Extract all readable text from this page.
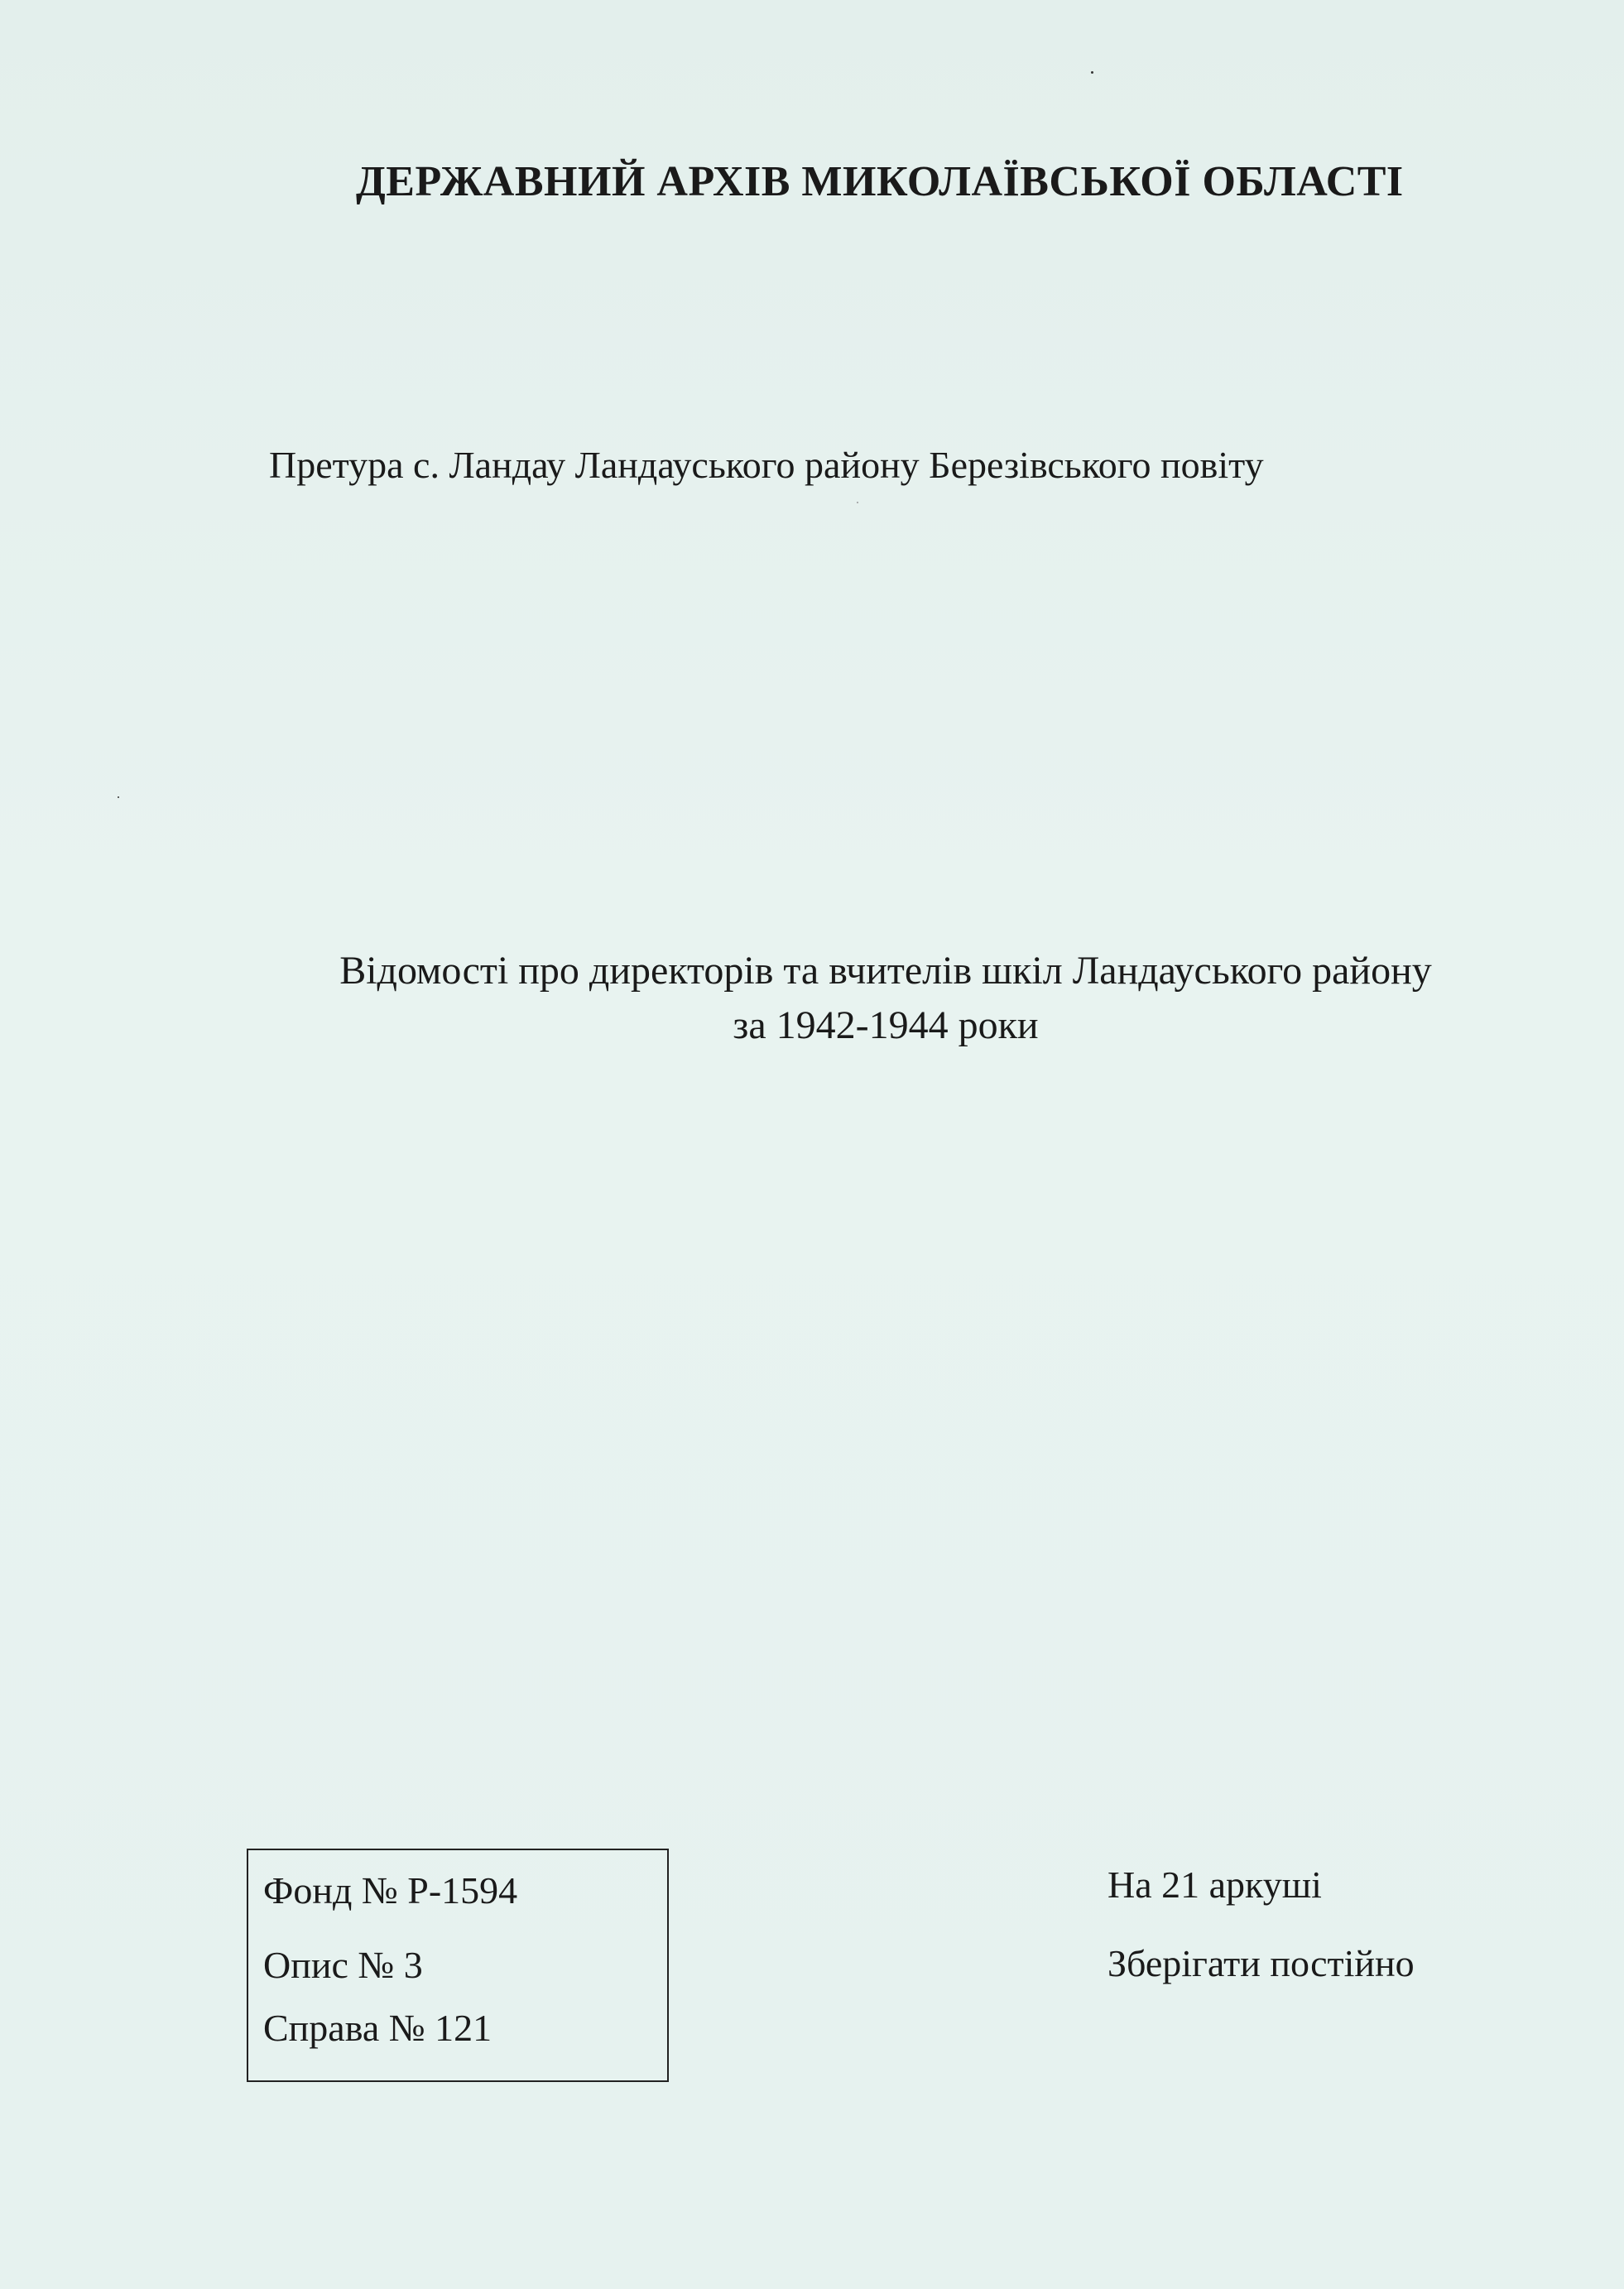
ДЕРЖАВНИЙ АРХІВ МИКОЛАЇВСЬКОЇ ОБЛАСТІ
Претура с. Ландау Ландауського району Березівського повіту
Відомості про директорів та вчителів шкіл Ландауського району
за 1942-1944 роки
Фонд № Р-1594
Опис № 3
Справа № 121
На 21 аркуші
Зберігати постійно
